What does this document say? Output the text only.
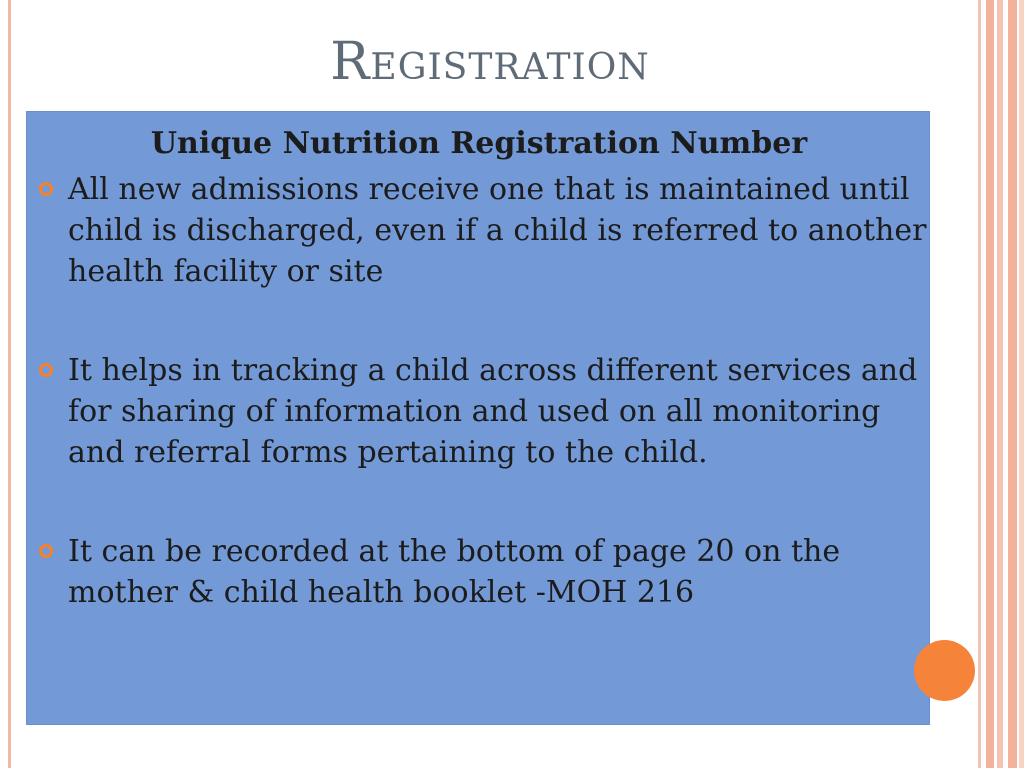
Registration
Unique Nutrition Registration Number
All new admissions receive one that is maintained until child is discharged, even if a child is referred to another health facility or site
It helps in tracking a child across different services and for sharing of information and used on all monitoring and referral forms pertaining to the child.
It can be recorded at the bottom of page 20 on the mother & child health booklet -MOH 216
